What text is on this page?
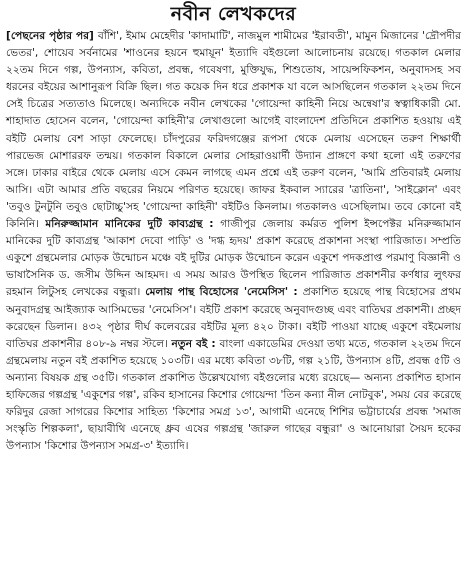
নবীন লেখকদের
[পেছনের পৃষ্ঠার পর] বাঁশি', ইমাম মেহেদীর 'কাদামাটি', নাজমুল শামীমের 'ইরাবতী', মামুন মিজানের 'দ্রৌপদীর ভেতর', শোয়েব সর্বনামের 'শাওনের হয়নে হুমায়ূন' ইত্যাদি বইগুলো আলোচনায় রয়েছে। গতকাল মেলার ২২তম দিনে গল্প, উপন্যাস, কবিতা, প্রবন্ধ, গবেষণা, মুক্তিযুদ্ধ, শিশুতোষ, সায়েন্সফিকশন, অনুবাদসহ সব ধরনের বইয়ের আশানুরূপ বিক্রি ছিল। গত কয়েক দিন ধরে প্রকাশক যা বলে আসছিলেন গতকাল ২২তম দিনে সেই চিত্রের সত্যতাও মিলেছে। অন্যদিকে নবীন লেখকের 'গোয়েন্দা কাহিনী নিয়ে অন্বেষা'র স্বত্বাধিকারী মো. শাহাদাত হোসেন বলেন, 'গোয়েন্দা কাহিনী'র লেখাগুলো আগেই বাংলাদেশ প্রতিদিনে প্রকাশিত হওয়ায় এই বইটি মেলায় বেশ সাড়া ফেলেছে। চাঁদপুরের ফরিদগঞ্জের রূপসা থেকে মেলায় এসেছেন তরুণ শিক্ষার্থী পারভেজ মোশাররফ তন্ময়। গতকাল বিকালে মেলার সোহরাওয়ার্দী উদ্যান প্রাঙ্গণে কথা হলো এই তরুণের সঙ্গে। ঢাকার বাইরে থেকে মেলায় এসে কেমন লাগছে এমন প্রশ্নে এই তরুণ বলেন, 'আমি প্রতিবারই মেলায় আসি। এটা আমার প্রতি বছরের নিয়মে পরিণত হয়েছে। জাফর ইকবাল স্যারের 'ত্রাতিনা', 'সাইক্লোন' এবং 'তবুও টুনটুনি তবুও ছোটাচ্চু'সহ 'গোয়েন্দা কাহিনী' বইটিও কিনলাম। গতকালও এসেছিলাম। তবে কোনো বই কিনিনি। মনিরুজ্জামান মানিকের দুটি কাব্যগ্রন্থ : গাজীপুর জেলায় কর্মরত পুলিশ ইন্সপেক্টর মনিরুজ্জামান মানিকের দুটি কাব্যগ্রন্থ 'আকাশ দেবো পাড়ি' ও 'দগ্ধ হৃদয়' প্রকাশ করেছে প্রকাশনা সংস্থা পারিজাত। সম্প্রতি একুশে গ্রন্থমেলার মোড়ক উন্মোচন মঞ্চে বই দুটির মোড়ক উন্মোচন করেন একুশে পদকপ্রাপ্ত পরমাণু বিজ্ঞানী ও ভাষাসৈনিক ড. জসীম উদ্দিন আহমদ। এ সময় আরও উপস্থিত ছিলেন পারিজাত প্রকাশনীর কর্ণধার লুৎফর রহমান লিটুসহ লেখকের বন্ধুরা। মেলায় পান্থ বিহোসের 'নেমেসিস' : প্রকাশিত হয়েছে পান্থ বিহোসের প্রথম অনুবাদগ্রন্থ আইজ্যাক আসিমভের 'নেমেসিস'। বইটি প্রকাশ করেছে অনুবাদগুচ্ছ এবং বাতিঘর প্রকাশনী। প্রচ্ছদ করেছেন ডিলান। ৪৩২ পৃষ্ঠার দীর্ঘ কলেবরের বইটির মূল্য ৪২০ টাকা। বইটি পাওয়া যাচ্ছে একুশে বইমেলায় বাতিঘর প্রকাশনীর ৪০৮-৯ নম্বর স্টলে। নতুন বই : বাংলা একাডেমির দেওয়া তথ্য মতে, গতকাল ২২তম দিনে গ্রন্থমেলায় নতুন বই প্রকাশিত হয়েছে ১০৩টি। এর মধ্যে কবিতা ৩৮টি, গল্প ২১টি, উপন্যাস ৪টি, প্রবন্ধ ৫টি ও অন্যান্য বিষয়ক গ্রন্থ ৩৫টি। গতকাল প্রকাশিত উল্লেখযোগ্য বইগুলোর মধ্যে রয়েছে— অন্যন্য প্রকাশিত হাসান হাফিজের গল্পগ্রন্থ 'একুশের গল্প', রকিব হাসানের কিশোর গোয়েন্দা 'তিন কন্যা নীল নোটবুক', সময় বের করেছে ফরিদুর রেজা সাগরের কিশোর সাহিত্য 'কিশোর সমগ্র ১৩', আগামী এনেছে শিশির ভট্টাচার্যের প্রবন্ধ 'সমাজ সংস্কৃতি শিল্পকলা', ছায়াবীথি এনেছে ধ্রুব এষের গল্পগ্রন্থ 'জারুল গাছের বন্ধুরা' ও আনোয়ারা সৈয়দ হকের উপন্যাস 'কিশোর উপন্যাস সমগ্র-৩' ইত্যাদি।
